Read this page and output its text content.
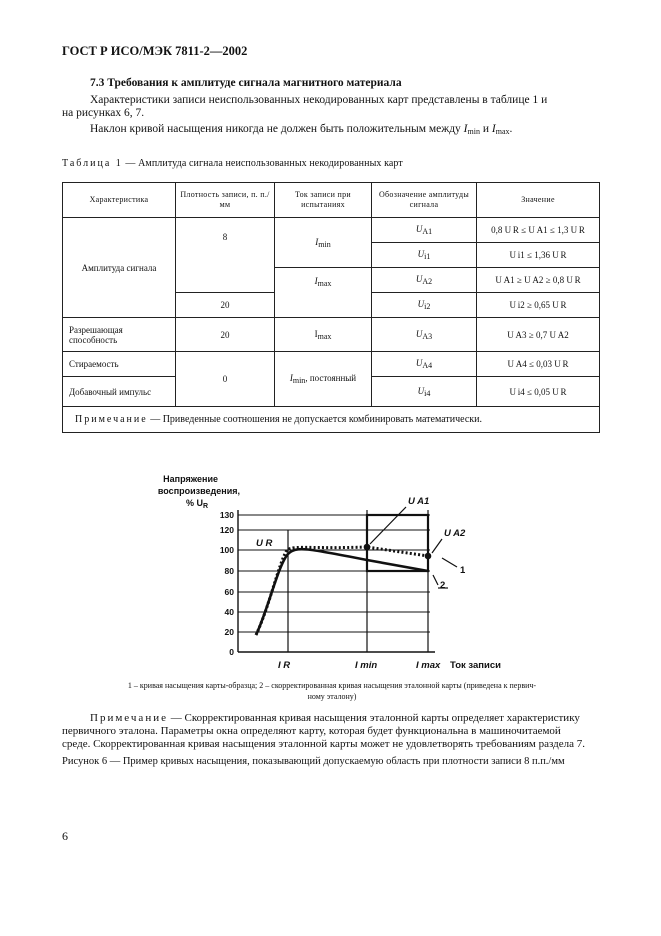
ГОСТ Р ИСО/МЭК 7811-2—2002
7.3 Требования к амплитуде сигнала магнитного материала
Характеристики записи неиспользованных некодированных карт представлены в таблице 1 и
на рисунках 6, 7.
Наклон кривой насыщения никогда не должен быть положительным между $I_{min}$ и $I_{max}$.
Таблица 1 — Амплитуда сигнала неиспользованных некодированных карт
Характеристика	Плотность записи, п. п./мм	Ток записи при испытаниях	Обозначение амплитуды сигнала	Значение
Амплитуда сигнала	8	Imin	UA1	0,8 U R ≤ U A1 ≤ 1,3 U R
			Ui1	U i1 ≤ 1,36 U R
		Imax	UA2	U A1 ≥ U A2 ≥ 0,8 U R
	20		Ui2	U i2 ≥ 0,65 U R
Разрешающая способность	20	Imax	UA3	U A3 ≥ 0,7 U A2
Стираемость	0	Imin, постоянный	UA4	U A4 ≤ 0,03 U R
Добавочный импульс			Ui4	U i4 ≤ 0,05 U R
Примечание — Приведенные соотношения не допускается комбинировать математически.				
Напряжение
воспроизведения,
% $U_R$
0
20
40
60
80
100
120
130
I R	I min	I max Ток записи
U R
U A1
U A2
1
2
1 – кривая насыщения карты-образца; 2 – скорректированная кривая насыщения эталонной карты (приведена к первич-
ному эталону)
Примечание — Скорректированная кривая насыщения эталонной карты определяет характеристику
первичного эталона. Параметры окна определяют карту, которая будет функциональна в машиночитаемой
среде. Скорректированная кривая насыщения эталонной карты может не удовлетворять требованиям раздела 7.
Рисунок 6 — Пример кривых насыщения, показывающий допускаемую область при плотности записи 8 п.п./мм
6
